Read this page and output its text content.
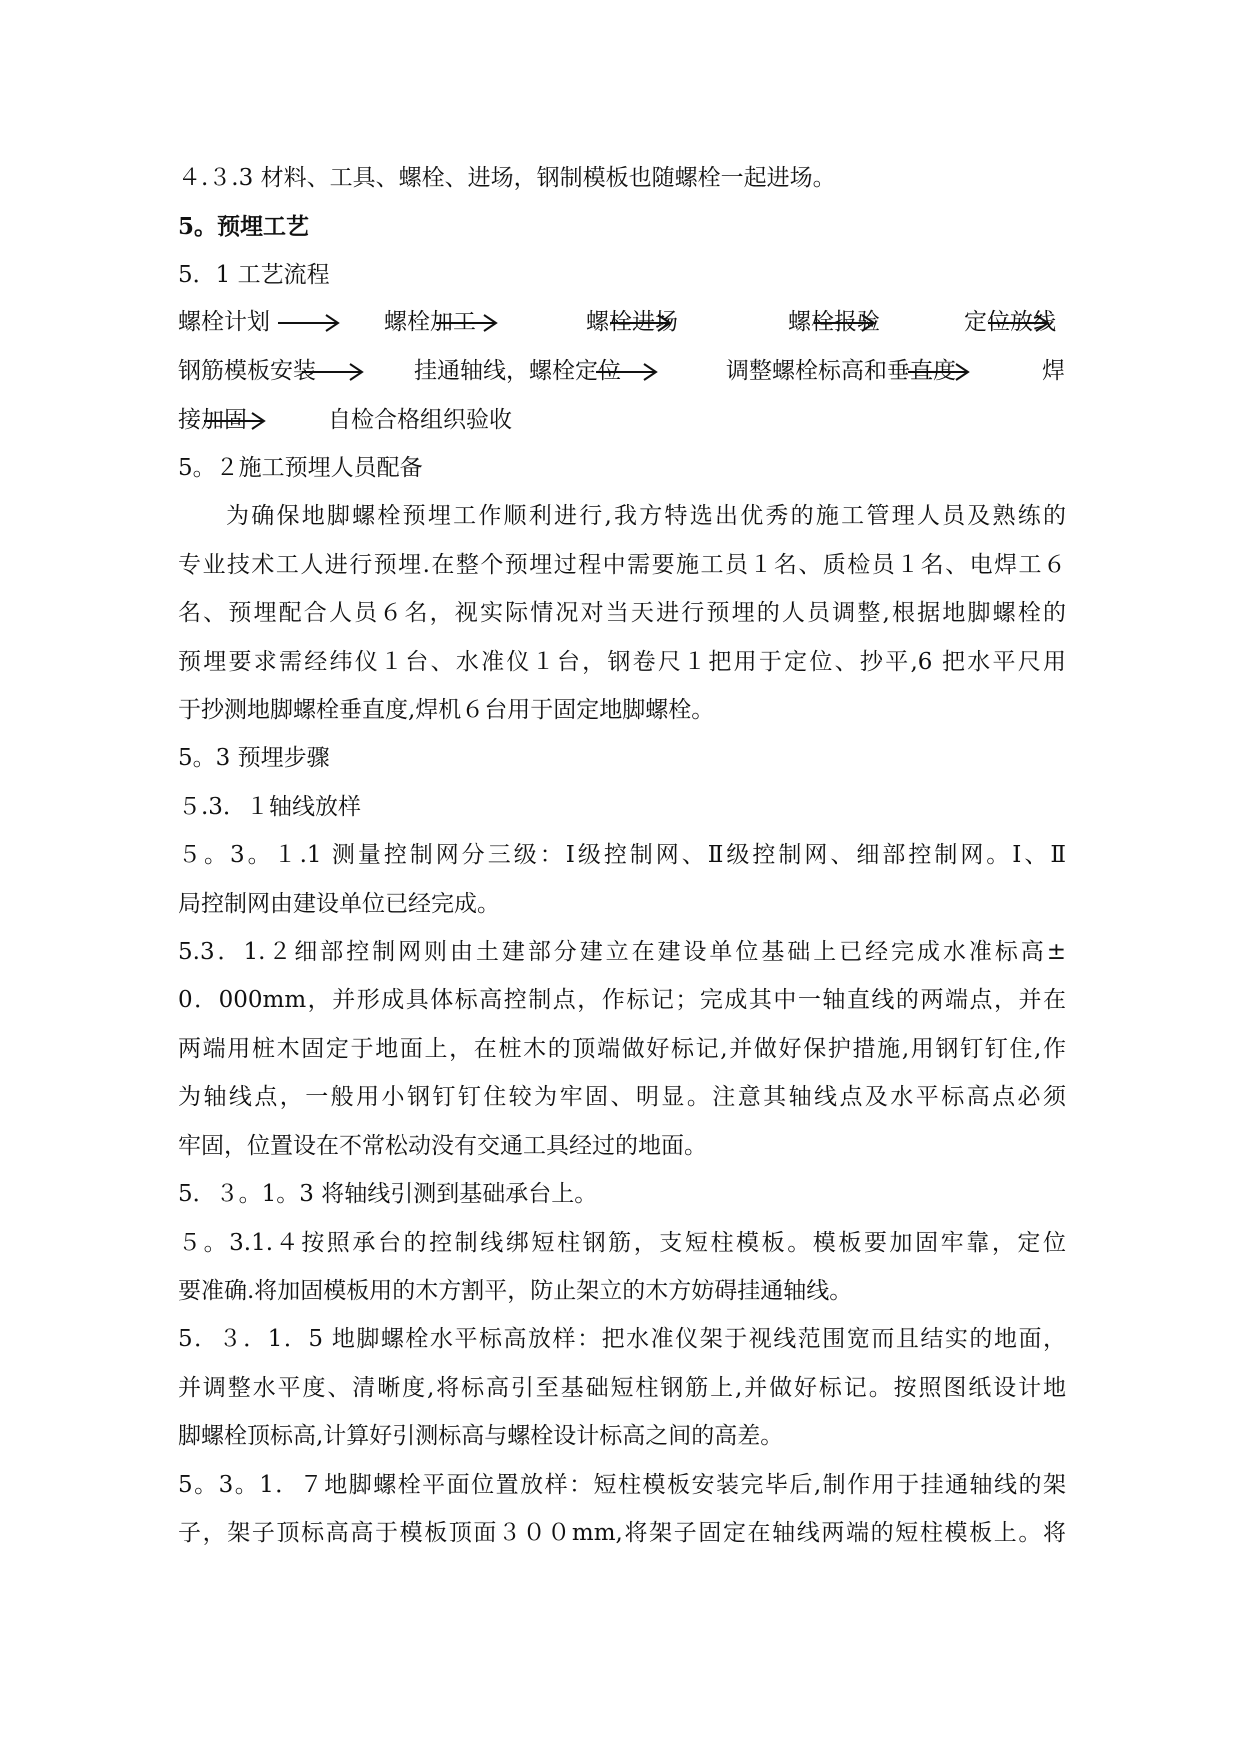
４.３.3 材料、工具、螺栓、进场，钢制模板也随螺栓一起进场。
5。预埋工艺
5．1 工艺流程
螺栓计划	螺栓加工	螺栓进场	螺栓报验	定位放线
钢筋模板安装	挂通轴线，螺栓定位	调整螺栓标高和垂直度	焊
接加固	自检合格组织验收
5。２施工预埋人员配备
为确保地脚螺栓预埋工作顺利进行,我方特选出优秀的施工管理人员及熟练的
专业技术工人进行预埋.在整个预埋过程中需要施工员１名、质检员１名、电焊工６
名、预埋配合人员６名，视实际情况对当天进行预埋的人员调整,根据地脚螺栓的
预埋要求需经纬仪１台、水准仪１台，钢卷尺１把用于定位、抄平,6 把水平尺用
于抄测地脚螺栓垂直度,焊机６台用于固定地脚螺栓。
5。3 预埋步骤
５.3．１轴线放样
５。3。１.1 测量控制网分三级：Ⅰ级控制网、Ⅱ级控制网、细部控制网。Ⅰ、Ⅱ
局控制网由建设单位已经完成。
5.3．1.２细部控制网则由土建部分建立在建设单位基础上已经完成水准标高±
0．000mm，并形成具体标高控制点，作标记；完成其中一轴直线的两端点，并在
两端用桩木固定于地面上，在桩木的顶端做好标记,并做好保护措施,用钢钉钉住,作
为轴线点，一般用小钢钉钉住较为牢固、明显。注意其轴线点及水平标高点必须
牢固，位置设在不常松动没有交通工具经过的地面。
5．３。1。3 将轴线引测到基础承台上。
５。3.1.４按照承台的控制线绑短柱钢筋，支短柱模板。模板要加固牢靠，定位
要准确.将加固模板用的木方割平，防止架立的木方妨碍挂通轴线。
5．３．1．5 地脚螺栓水平标高放样：把水准仪架于视线范围宽而且结实的地面，
并调整水平度、清晰度,将标高引至基础短柱钢筋上,并做好标记。按照图纸设计地
脚螺栓顶标高,计算好引测标高与螺栓设计标高之间的高差。
5。3。1．７地脚螺栓平面位置放样：短柱模板安装完毕后,制作用于挂通轴线的架
子，架子顶标高高于模板顶面３００mm,将架子固定在轴线两端的短柱模板上。将
